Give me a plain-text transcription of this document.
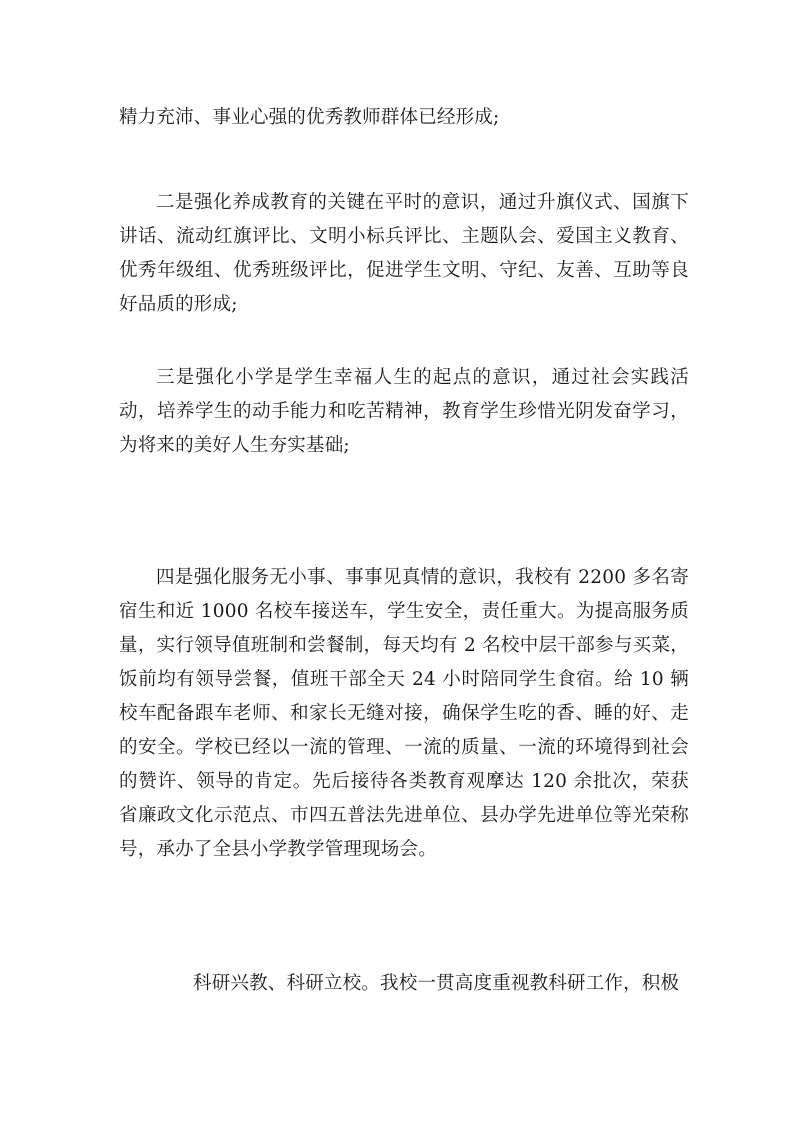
精力充沛、事业心强的优秀教师群体已经形成;

二是强化养成教育的关键在平时的意识，通过升旗仪式、国旗下讲话、流动红旗评比、文明小标兵评比、主题队会、爱国主义教育、优秀年级组、优秀班级评比，促进学生文明、守纪、友善、互助等良好品质的形成;

三是强化小学是学生幸福人生的起点的意识，通过社会实践活动，培养学生的动手能力和吃苦精神，教育学生珍惜光阴发奋学习，为将来的美好人生夯实基础;

四是强化服务无小事、事事见真情的意识，我校有 2200 多名寄宿生和近 1000 名校车接送车，学生安全，责任重大。为提高服务质量，实行领导值班制和尝餐制，每天均有 2 名校中层干部参与买菜，饭前均有领导尝餐，值班干部全天 24 小时陪同学生食宿。给 10 辆校车配备跟车老师、和家长无缝对接，确保学生吃的香、睡的好、走的安全。学校已经以一流的管理、一流的质量、一流的环境得到社会的赞许、领导的肯定。先后接待各类教育观摩达 120 余批次，荣获省廉政文化示范点、市四五普法先进单位、县办学先进单位等光荣称号，承办了全县小学教学管理现场会。

科研兴教、科研立校。我校一贯高度重视教科研工作，积极
